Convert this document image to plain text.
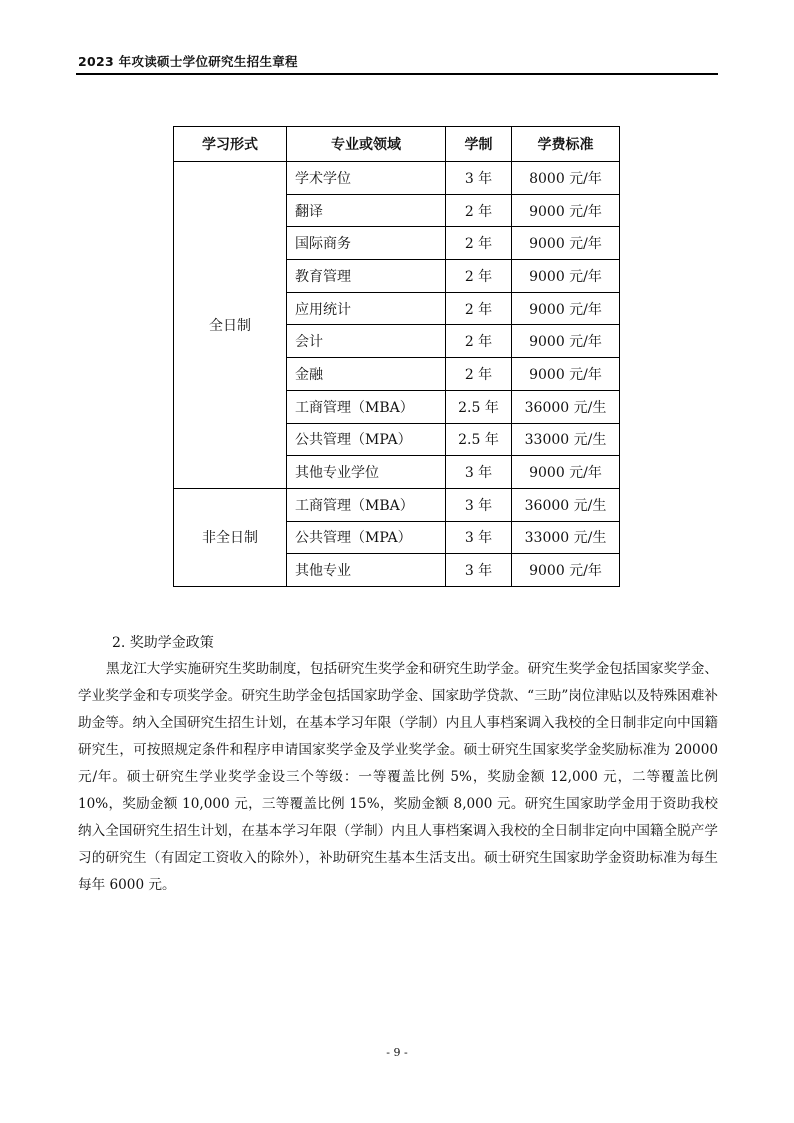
2023 年攻读硕士学位研究生招生章程
学习形式	专业或领域	学制	学费标准
全日制	学术学位	3 年	8000 元/年
	翻译	2 年	9000 元/年
	国际商务	2 年	9000 元/年
	教育管理	2 年	9000 元/年
	应用统计	2 年	9000 元/年
	会计	2 年	9000 元/年
	金融	2 年	9000 元/年
	工商管理（MBA）	2.5 年	36000 元/生
	公共管理（MPA）	2.5 年	33000 元/生
	其他专业学位	3 年	9000 元/年
非全日制	工商管理（MBA）	3 年	36000 元/生
	公共管理（MPA）	3 年	33000 元/生
	其他专业	3 年	9000 元/年
2. 奖助学金政策
黑龙江大学实施研究生奖助制度，包括研究生奖学金和研究生助学金。研究生奖学金包括国家奖学金、学业奖学金和专项奖学金。研究生助学金包括国家助学金、国家助学贷款、“三助”岗位津贴以及特殊困难补助金等。纳入全国研究生招生计划，在基本学习年限（学制）内且人事档案调入我校的全日制非定向中国籍研究生，可按照规定条件和程序申请国家奖学金及学业奖学金。硕士研究生国家奖学金奖励标准为 20000 元/年。硕士研究生学业奖学金设三个等级：一等覆盖比例 5%，奖励金额 12,000 元，二等覆盖比例 10%，奖励金额 10,000 元，三等覆盖比例 15%，奖励金额 8,000 元。研究生国家助学金用于资助我校纳入全国研究生招生计划，在基本学习年限（学制）内且人事档案调入我校的全日制非定向中国籍全脱产学习的研究生（有固定工资收入的除外），补助研究生基本生活支出。硕士研究生国家助学金资助标准为每生每年 6000 元。
- 9 -
